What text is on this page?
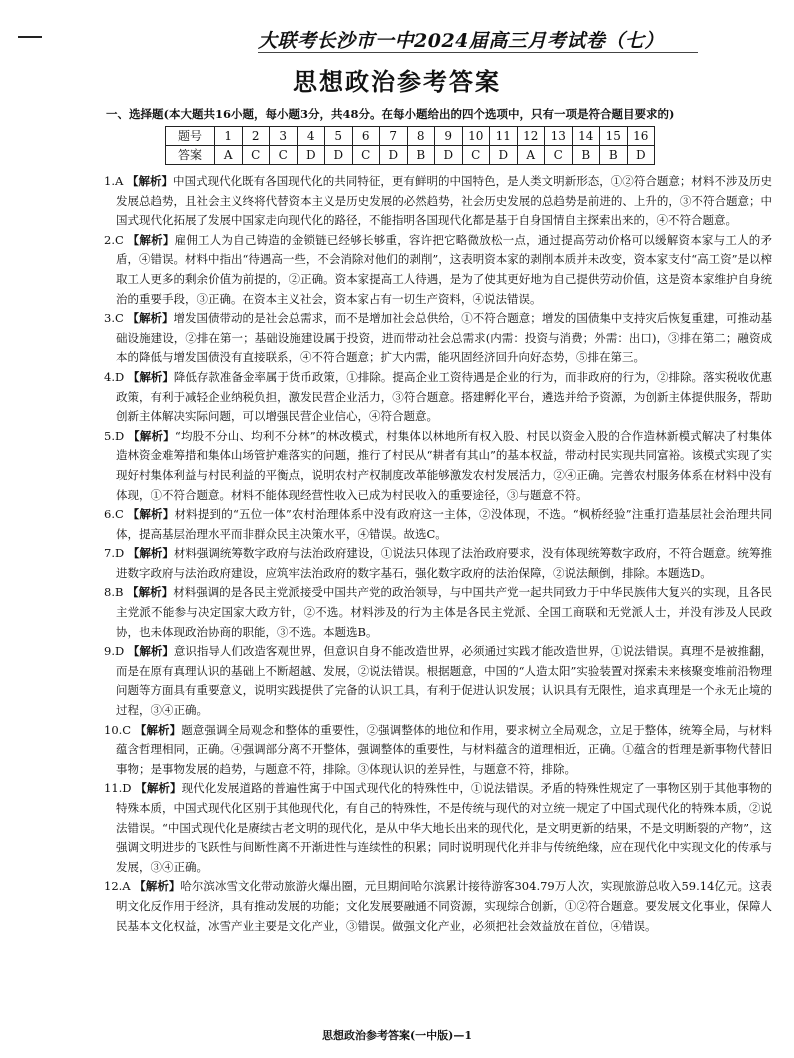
大联考长沙市一中2024届高三月考试卷（七）
思想政治参考答案
一、选择题(本大题共16小题，每小题3分，共48分。在每小题给出的四个选项中，只有一项是符合题目要求的)
题号	1	2	3	4	5	6	7	8	9	10	11	12	13	14	15	16
答案	A	C	C	D	D	C	D	B	D	C	D	A	C	B	B	D

1.A 【解析】中国式现代化既有各国现代化的共同特征，更有鲜明的中国特色，是人类文明新形态，①②符合题意；材料不涉及历史发展总趋势，且社会主义终将代替资本主义是历史发展的必然趋势，社会历史发展的总趋势是前进的、上升的，③不符合题意；中国式现代化拓展了发展中国家走向现代化的路径，不能指明各国现代化都是基于自身国情自主探索出来的，④不符合题意。

2.C 【解析】雇佣工人为自己铸造的金锁链已经够长够重，容许把它略微放松一点，通过提高劳动价格可以缓解资本家与工人的矛盾，④错误。材料中指出“待遇高一些，不会消除对他们的剥削”，这表明资本家的剥削本质并未改变，资本家支付“高工资”是以榨取工人更多的剩余价值为前提的，②正确。资本家提高工人待遇，是为了使其更好地为自己提供劳动价值，这是资本家维护自身统治的重要手段，③正确。在资本主义社会，资本家占有一切生产资料，④说法错误。

3.C 【解析】增发国债带动的是社会总需求，而不是增加社会总供给，①不符合题意；增发的国债集中支持灾后恢复重建，可推动基础设施建设，②排在第一；基础设施建设属于投资，进而带动社会总需求(内需：投资与消费；外需：出口)，③排在第二；融资成本的降低与增发国债没有直接联系，④不符合题意；扩大内需，能巩固经济回升向好态势，⑤排在第三。

4.D 【解析】降低存款准备金率属于货币政策，①排除。提高企业工资待遇是企业的行为，而非政府的行为，②排除。落实税收优惠政策，有利于减轻企业纳税负担，激发民营企业活力，③符合题意。搭建孵化平台，遴选并给予资源，为创新主体提供服务，帮助创新主体解决实际问题，可以增强民营企业信心，④符合题意。

5.D 【解析】“均股不分山、均利不分林”的林改模式，村集体以林地所有权入股、村民以资金入股的合作造林新模式解决了村集体造林资金难筹措和集体山场管护难落实的问题，推行了村民从“耕者有其山”的基本权益，带动村民实现共同富裕。该模式实现了实现好村集体利益与村民利益的平衡点，说明农村产权制度改革能够激发农村发展活力，②④正确。完善农村服务体系在材料中没有体现，①不符合题意。材料不能体现经营性收入已成为村民收入的重要途径，③与题意不符。

6.C 【解析】材料提到的“五位一体”农村治理体系中没有政府这一主体，②没体现，不选。“枫桥经验”注重打造基层社会治理共同体，提高基层治理水平而非群众民主决策水平，④错误。故选C。

7.D 【解析】材料强调统筹数字政府与法治政府建设，①说法只体现了法治政府要求，没有体现统筹数字政府，不符合题意。统筹推进数字政府与法治政府建设，应筑牢法治政府的数字基石，强化数字政府的法治保障，②说法颠倒，排除。本题选D。

8.B 【解析】材料强调的是各民主党派接受中国共产党的政治领导，与中国共产党一起共同致力于中华民族伟大复兴的实现，且各民主党派不能参与决定国家大政方针，②不选。材料涉及的行为主体是各民主党派、全国工商联和无党派人士，并没有涉及人民政协，也未体现政治协商的职能，③不选。本题选B。

9.D 【解析】意识指导人们改造客观世界，但意识自身不能改造世界，必须通过实践才能改造世界，①说法错误。真理不是被推翻，而是在原有真理认识的基础上不断超越、发展，②说法错误。根据题意，中国的“人造太阳”实验装置对探索未来核聚变堆前沿物理问题等方面具有重要意义，说明实践提供了完备的认识工具，有利于促进认识发展；认识具有无限性，追求真理是一个永无止境的过程，③④正确。

10.C 【解析】题意强调全局观念和整体的重要性，②强调整体的地位和作用，要求树立全局观念，立足于整体，统筹全局，与材料蕴含哲理相同，正确。④强调部分离不开整体，强调整体的重要性，与材料蕴含的道理相近，正确。①蕴含的哲理是新事物代替旧事物；是事物发展的趋势，与题意不符，排除。③体现认识的差异性，与题意不符，排除。

11.D 【解析】现代化发展道路的普遍性寓于中国式现代化的特殊性中，①说法错误。矛盾的特殊性规定了一事物区别于其他事物的特殊本质，中国式现代化区别于其他现代化，有自己的特殊性，不是传统与现代的对立统一规定了中国式现代化的特殊本质，②说法错误。“中国式现代化是赓续古老文明的现代化，是从中华大地长出来的现代化，是文明更新的结果，不是文明断裂的产物”，这强调文明进步的飞跃性与间断性离不开渐进性与连续性的积累；同时说明现代化并非与传统绝缘，应在现代化中实现文化的传承与发展，③④正确。

12.A 【解析】哈尔滨冰雪文化带动旅游火爆出圈，元旦期间哈尔滨累计接待游客304.79万人次，实现旅游总收入59.14亿元。这表明文化反作用于经济，具有推动发展的功能；文化发展要融通不同资源，实现综合创新，①②符合题意。要发展文化事业，保障人民基本文化权益，冰雪产业主要是文化产业，③错误。做强文化产业，必须把社会效益放在首位，④错误。

思想政治参考答案(一中版)—1
